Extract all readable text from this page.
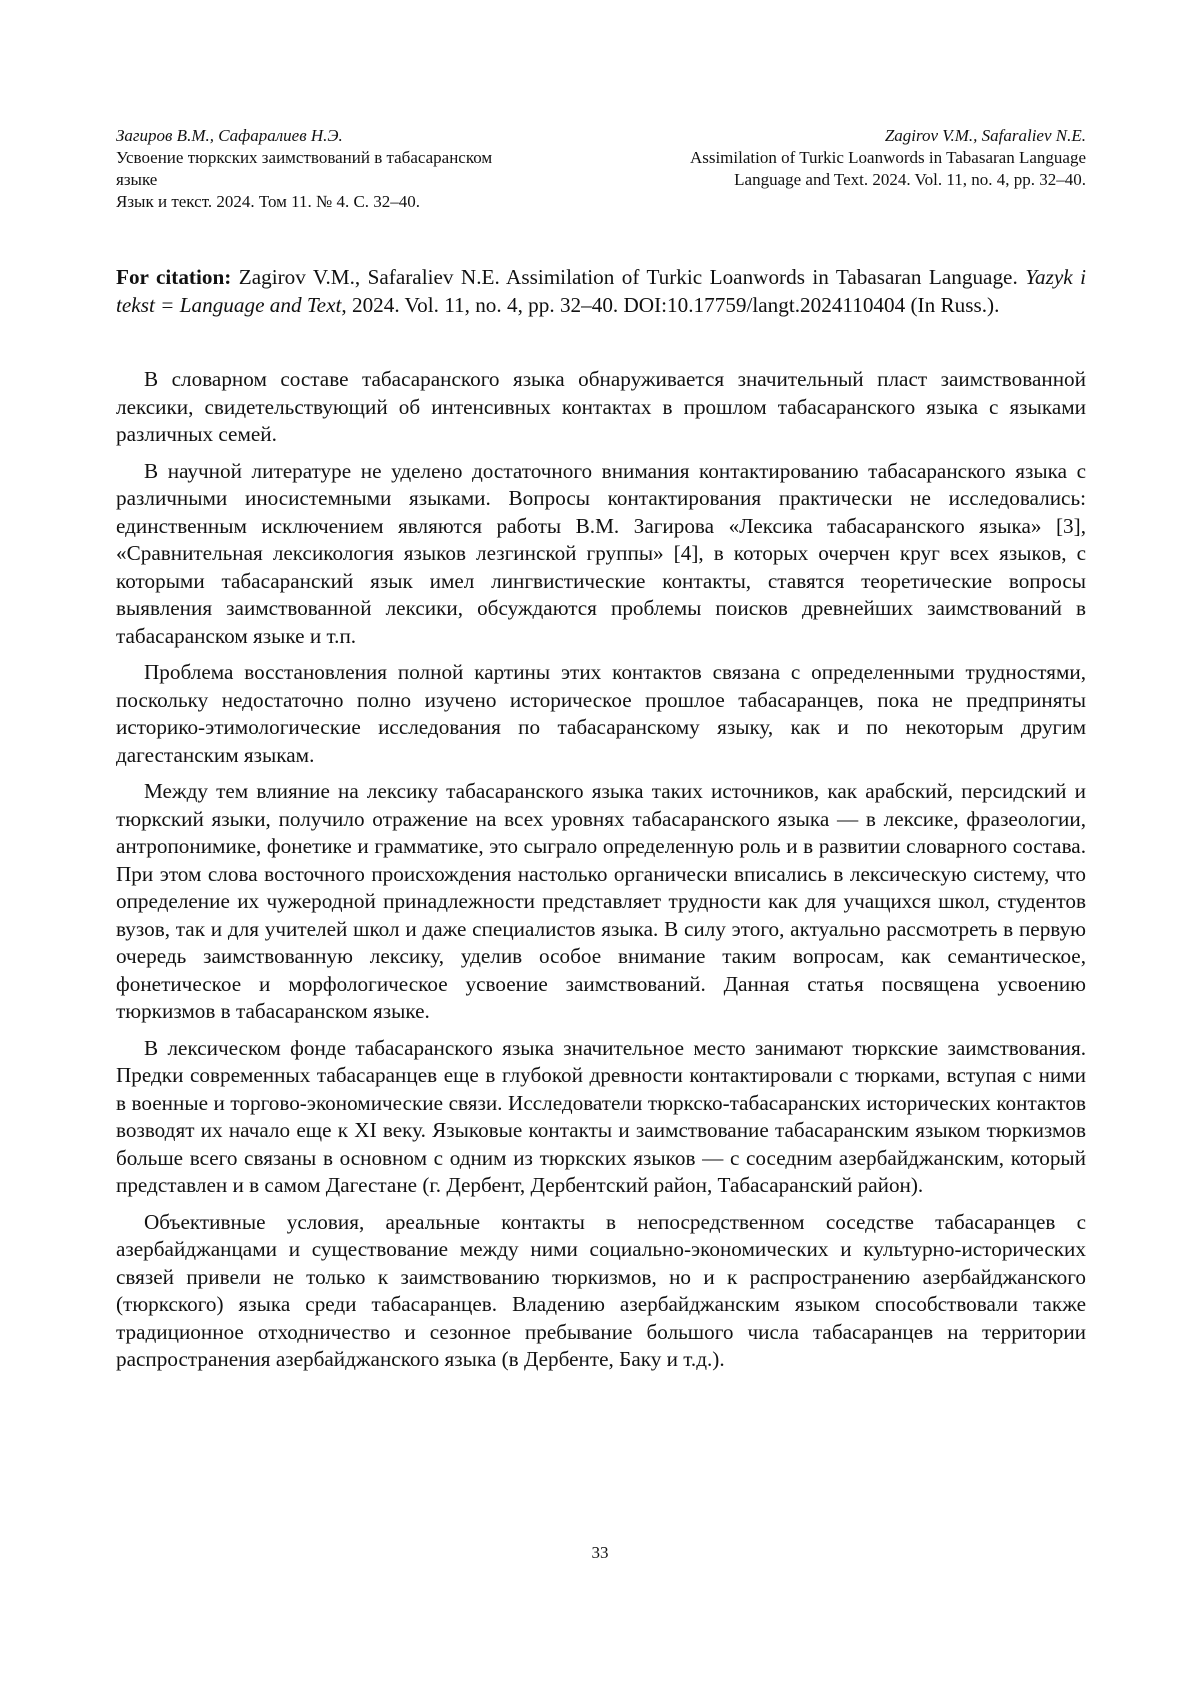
Загиров В.М., Сафаралиев Н.Э.
Усвоение тюркских заимствований в табасаранском
языке
Язык и текст. 2024. Том 11. № 4. С. 32–40.
Zagirov V.M., Safaraliev N.E.
Assimilation of Turkic Loanwords in Tabasaran Language
Language and Text. 2024. Vol. 11, no. 4, pp. 32–40.
For citation: Zagirov V.M., Safaraliev N.E. Assimilation of Turkic Loanwords in Tabasaran Language. Yazyk i tekst = Language and Text, 2024. Vol. 11, no. 4, pp. 32–40. DOI:10.17759/langt.2024110404 (In Russ.).

В словарном составе табасаранского языка обнаруживается значительный пласт заимствованной лексики, свидетельствующий об интенсивных контактах в прошлом табасаранского языка с языками различных семей.

В научной литературе не уделено достаточного внимания контактированию табасаранского языка с различными иносистемными языками. Вопросы контактирования практически не исследовались: единственным исключением являются работы В.М. Загирова «Лексика табасаранского языка» [3], «Сравнительная лексикология языков лезгинской группы» [4], в которых очерчен круг всех языков, с которыми табасаранский язык имел лингвистические контакты, ставятся теоретические вопросы выявления заимствованной лексики, обсуждаются проблемы поисков древнейших заимствований в табасаранском языке и т.п.

Проблема восстановления полной картины этих контактов связана с определенными трудностями, поскольку недостаточно полно изучено историческое прошлое табасаранцев, пока не предприняты историко-этимологические исследования по табасаранскому языку, как и по некоторым другим дагестанским языкам.

Между тем влияние на лексику табасаранского языка таких источников, как арабский, персидский и тюркский языки, получило отражение на всех уровнях табасаранского языка — в лексике, фразеологии, антропонимике, фонетике и грамматике, это сыграло определенную роль и в развитии словарного состава. При этом слова восточного происхождения настолько органически вписались в лексическую систему, что определение их чужеродной принадлежности представляет трудности как для учащихся школ, студентов вузов, так и для учителей школ и даже специалистов языка. В силу этого, актуально рассмотреть в первую очередь заимствованную лексику, уделив особое внимание таким вопросам, как семантическое, фонетическое и морфологическое усвоение заимствований. Данная статья посвящена усвоению тюркизмов в табасаранском языке.

В лексическом фонде табасаранского языка значительное место занимают тюркские заимствования. Предки современных табасаранцев еще в глубокой древности контактировали с тюрками, вступая с ними в военные и торгово-экономические связи. Исследователи тюркско-табасаранских исторических контактов возводят их начало еще к XI веку. Языковые контакты и заимствование табасаранским языком тюркизмов больше всего связаны в основном с одним из тюркских языков — с соседним азербайджанским, который представлен и в самом Дагестане (г. Дербент, Дербентский район, Табасаранский район).

Объективные условия, ареальные контакты в непосредственном соседстве табасаранцев с азербайджанцами и существование между ними социально-экономических и культурно-исторических связей привели не только к заимствованию тюркизмов, но и к распространению азербайджанского (тюркского) языка среди табасаранцев. Владению азербайджанским языком способствовали также традиционное отходничество и сезонное пребывание большого числа табасаранцев на территории распространения азербайджанского языка (в Дербенте, Баку и т.д.).

33
